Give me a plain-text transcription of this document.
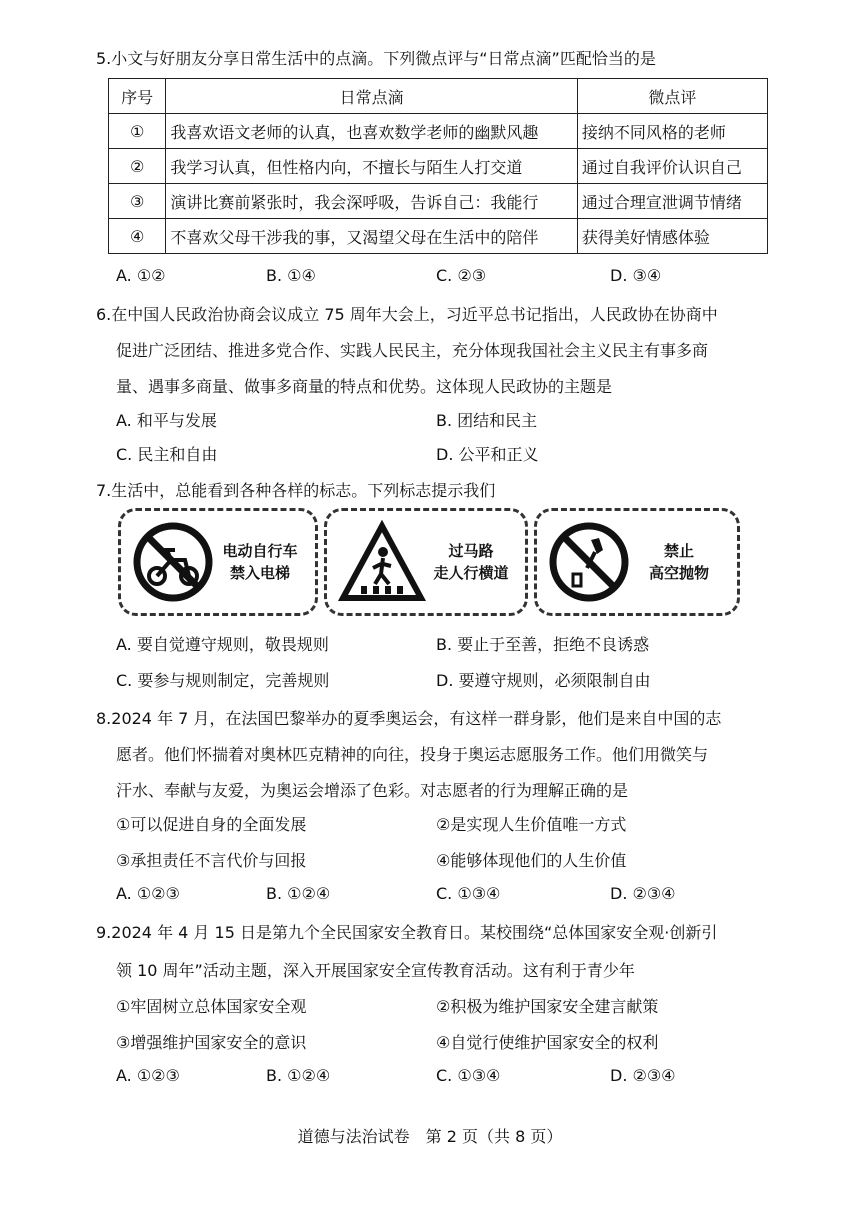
5.小文与好朋友分享日常生活中的点滴。下列微点评与“日常点滴”匹配恰当的是
序号	日常点滴	微点评
①	我喜欢语文老师的认真，也喜欢数学老师的幽默风趣	接纳不同风格的老师
②	我学习认真，但性格内向，不擅长与陌生人打交道	通过自我评价认识自己
③	演讲比赛前紧张时，我会深呼吸，告诉自己：我能行	通过合理宣泄调节情绪
④	不喜欢父母干涉我的事，又渴望父母在生活中的陪伴	获得美好情感体验
A. ①②	B. ①④	C. ②③	D. ③④
6.在中国人民政治协商会议成立 75 周年大会上，习近平总书记指出，人民政协在协商中
促进广泛团结、推进多党合作、实践人民民主，充分体现我国社会主义民主有事多商
量、遇事多商量、做事多商量的特点和优势。这体现人民政协的主题是
A. 和平与发展	B. 团结和民主
C. 民主和自由	D. 公平和正义
7.生活中，总能看到各种各样的标志。下列标志提示我们
电动自行车
禁入电梯
过马路
走人行横道
禁止
高空抛物
A. 要自觉遵守规则，敬畏规则	B. 要止于至善，拒绝不良诱惑
C. 要参与规则制定，完善规则	D. 要遵守规则，必须限制自由
8.2024 年 7 月，在法国巴黎举办的夏季奥运会，有这样一群身影，他们是来自中国的志
愿者。他们怀揣着对奥林匹克精神的向往，投身于奥运志愿服务工作。他们用微笑与
汗水、奉献与友爱，为奥运会增添了色彩。对志愿者的行为理解正确的是
①可以促进自身的全面发展	②是实现人生价值唯一方式
③承担责任不言代价与回报	④能够体现他们的人生价值
A. ①②③	B. ①②④	C. ①③④	D. ②③④
9.2024 年 4 月 15 日是第九个全民国家安全教育日。某校围绕“总体国家安全观·创新引
领 10 周年”活动主题，深入开展国家安全宣传教育活动。这有利于青少年
①牢固树立总体国家安全观	②积极为维护国家安全建言献策
③增强维护国家安全的意识	④自觉行使维护国家安全的权利
A. ①②③	B. ①②④	C. ①③④	D. ②③④
道德与法治试卷　第 2 页（共 8 页）
